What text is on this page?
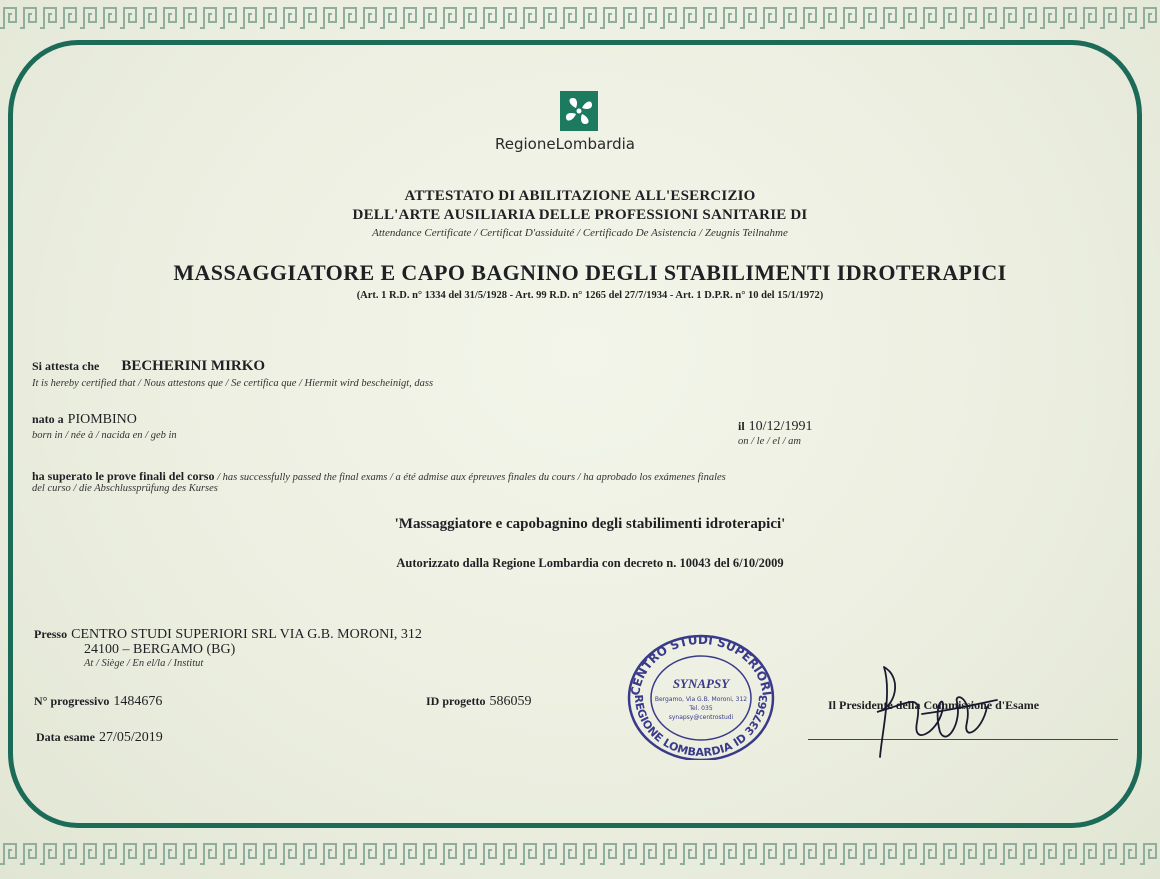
RegioneLombardia
ATTESTATO DI ABILITAZIONE ALL'ESERCIZIO
DELL'ARTE AUSILIARIA DELLE PROFESSIONI SANITARIE DI
Attendance Certificate / Certificat D'assiduité / Certificado De Asistencia / Zeugnis Teilnahme
MASSAGGIATORE E CAPO BAGNINO DEGLI STABILIMENTI IDROTERAPICI
(Art. 1 R.D. n° 1334 del 31/5/1928 - Art. 99 R.D. n° 1265 del 27/7/1934 - Art. 1 D.P.R. n° 10 del 15/1/1972)
Si attesta che BECHERINI MIRKO
It is hereby certified that / Nous attestons que / Se certifica que / Hiermit wird bescheinigt, dass
nato a PIOMBINO
born in / née à / nacida en / geb in
il 10/12/1991
on / le / el / am
ha superato le prove finali del corso / has successfully passed the final exams / a été admise aux épreuves finales du cours / ha aprobado los exámenes finales
del curso / die Abschlussprüfung des Kurses
'Massaggiatore e capobagnino degli stabilimenti idroterapici'
Autorizzato dalla Regione Lombardia con decreto n. 10043 del 6/10/2009
Presso CENTRO STUDI SUPERIORI SRL VIA G.B. MORONI, 312
24100 – BERGAMO (BG)
At / Siège / En el/la / Institut
N° progressivo 1484676	ID progetto 586059
Data esame 27/05/2019
Il Presidente della Commissione d'Esame
CENTRO STUDI SUPERIORI
REGIONE LOMBARDIA ID 337563
SYNAPSY
Bergamo, Via G.B. Moroni, 312
Tel. 035
synapsy@centrostudi
